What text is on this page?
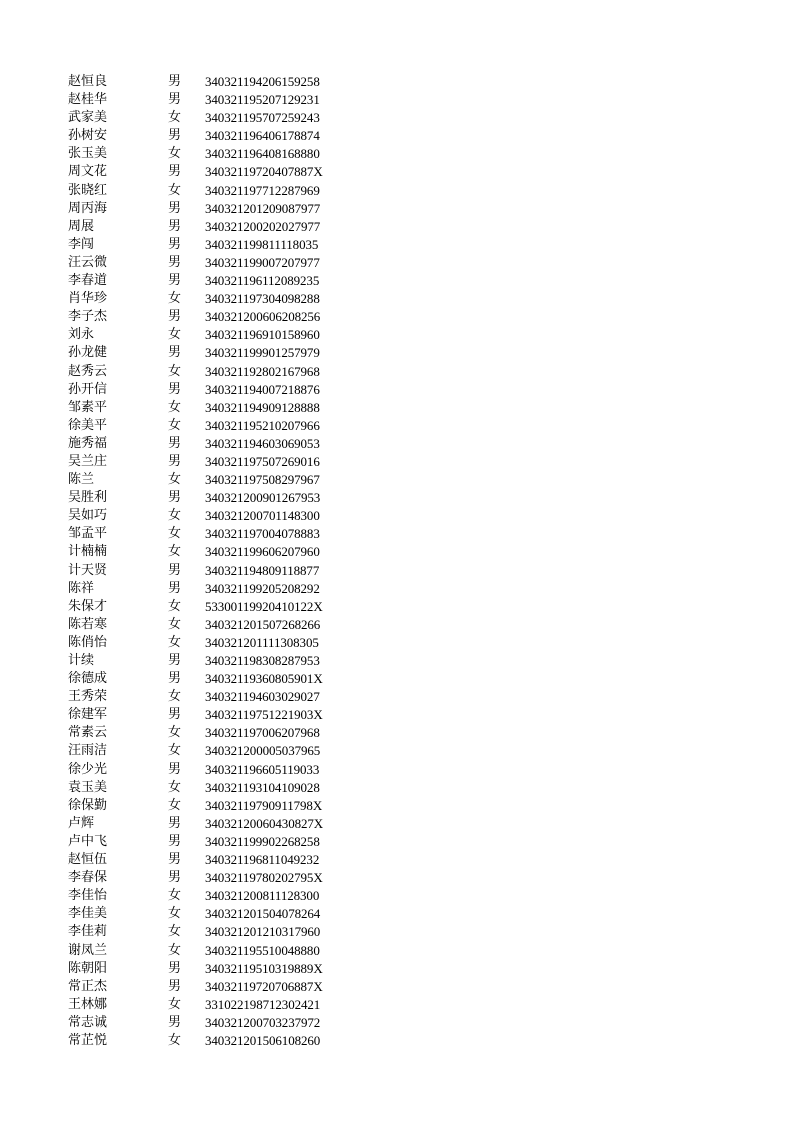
赵恒良	男	340321194206159258
赵桂华	男	340321195207129231
武家美	女	340321195707259243
孙树安	男	340321196406178874
张玉美	女	340321196408168880
周文花	男	34032119720407887X
张晓红	女	340321197712287969
周丙海	男	340321201209087977
周展	男	340321200202027977
李闯	男	340321199811118035
汪云微	男	340321199007207977
李春道	男	340321196112089235
肖华珍	女	340321197304098288
李子杰	男	340321200606208256
刘永	女	340321196910158960
孙龙健	男	340321199901257979
赵秀云	女	340321192802167968
孙开信	男	340321194007218876
邹素平	女	340321194909128888
徐美平	女	340321195210207966
施秀福	男	340321194603069053
吴兰庄	男	340321197507269016
陈兰	女	340321197508297967
吴胜利	男	340321200901267953
吴如巧	女	340321200701148300
邹孟平	女	340321197004078883
计楠楠	女	340321199606207960
计天贤	男	340321194809118877
陈祥	男	340321199205208292
朱保才	女	53300119920410122X
陈若寒	女	340321201507268266
陈俏怡	女	340321201111308305
计续	男	340321198308287953
徐德成	男	34032119360805901X
王秀荣	女	340321194603029027
徐建军	男	34032119751221903X
常素云	女	340321197006207968
汪雨洁	女	340321200005037965
徐少光	男	340321196605119033
袁玉美	女	340321193104109028
徐保勤	女	34032119790911798X
卢辉	男	34032120060430827X
卢中飞	男	340321199902268258
赵恒伍	男	340321196811049232
李春保	男	34032119780202795X
李佳怡	女	340321200811128300
李佳美	女	340321201504078264
李佳莉	女	340321201210317960
谢凤兰	女	340321195510048880
陈朝阳	男	34032119510319889X
常正杰	男	34032119720706887X
王林娜	女	331022198712302421
常志诚	男	340321200703237972
常芷悦	女	340321201506108260
